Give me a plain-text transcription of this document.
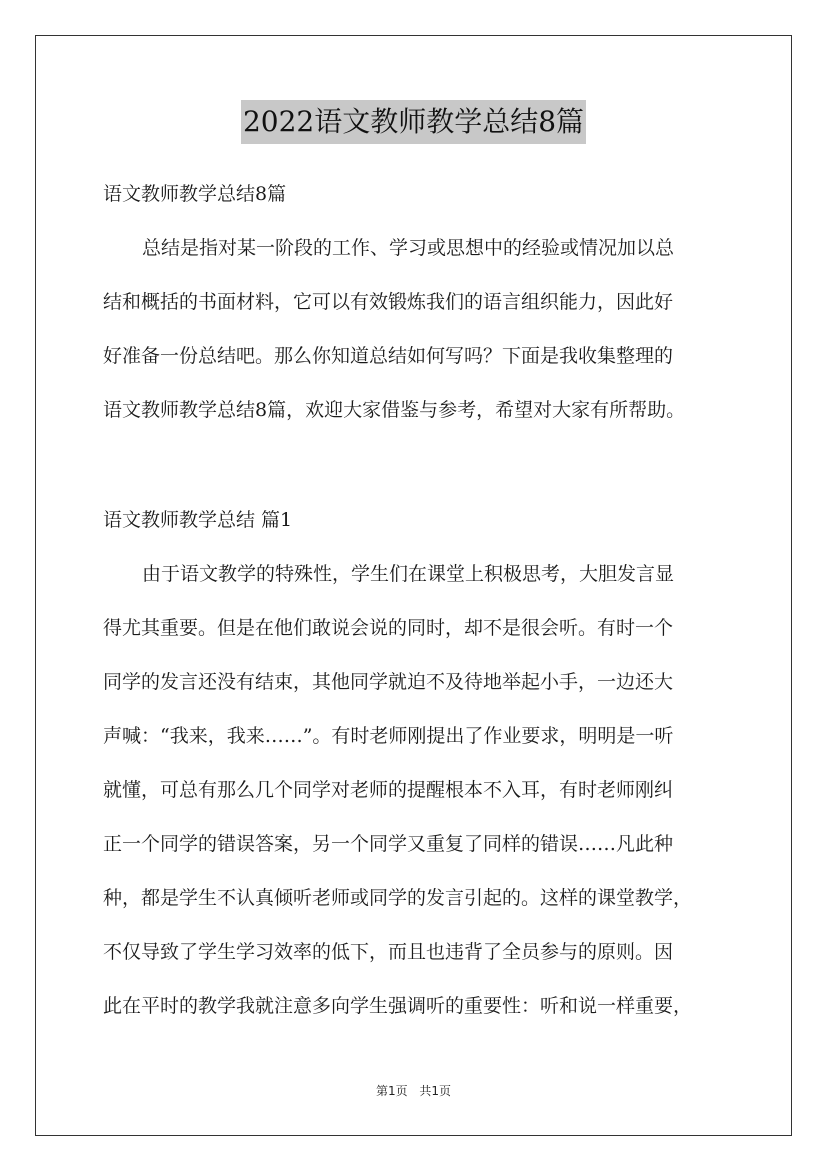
2022语文教师教学总结8篇
语文教师教学总结8篇
总结是指对某一阶段的工作、学习或思想中的经验或情况加以总
结和概括的书面材料，它可以有效锻炼我们的语言组织能力，因此好
好准备一份总结吧。那么你知道总结如何写吗？下面是我收集整理的
语文教师教学总结8篇，欢迎大家借鉴与参考，希望对大家有所帮助。
语文教师教学总结 篇1
由于语文教学的特殊性，学生们在课堂上积极思考，大胆发言显
得尤其重要。但是在他们敢说会说的同时，却不是很会听。有时一个
同学的发言还没有结束，其他同学就迫不及待地举起小手，一边还大
声喊：“我来，我来……”。有时老师刚提出了作业要求，明明是一听
就懂，可总有那么几个同学对老师的提醒根本不入耳，有时老师刚纠
正一个同学的错误答案，另一个同学又重复了同样的错误……凡此种
种，都是学生不认真倾听老师或同学的发言引起的。这样的课堂教学，
不仅导致了学生学习效率的低下，而且也违背了全员参与的原则。因
此在平时的教学我就注意多向学生强调听的重要性：听和说一样重要，
第1页 共1页
